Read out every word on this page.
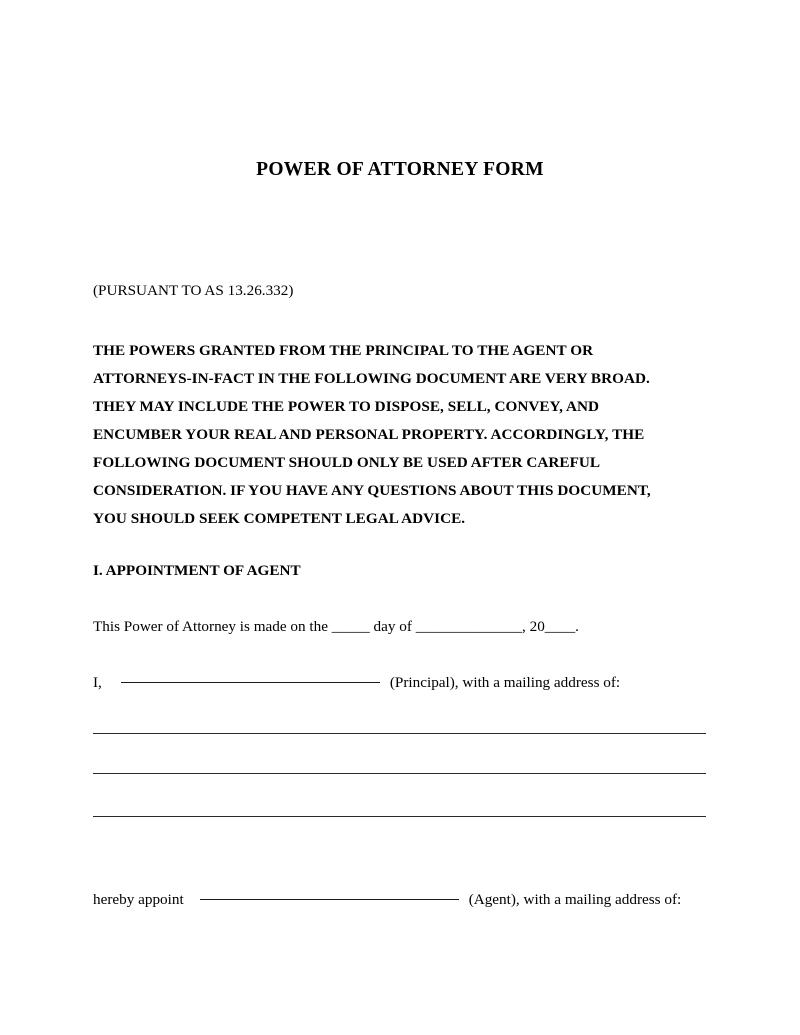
POWER OF ATTORNEY FORM
(PURSUANT TO AS 13.26.332)
THE POWERS GRANTED FROM THE PRINCIPAL TO THE AGENT OR
ATTORNEYS-IN-FACT IN THE FOLLOWING DOCUMENT ARE VERY BROAD.
THEY MAY INCLUDE THE POWER TO DISPOSE, SELL, CONVEY, AND
ENCUMBER YOUR REAL AND PERSONAL PROPERTY. ACCORDINGLY, THE
FOLLOWING DOCUMENT SHOULD ONLY BE USED AFTER CAREFUL
CONSIDERATION. IF YOU HAVE ANY QUESTIONS ABOUT THIS DOCUMENT,
YOU SHOULD SEEK COMPETENT LEGAL ADVICE.
I. APPOINTMENT OF AGENT
This Power of Attorney is made on the _____ day of ______________, 20____.
I,	(Principal), with a mailing address of:
hereby appoint	(Agent), with a mailing address of:
